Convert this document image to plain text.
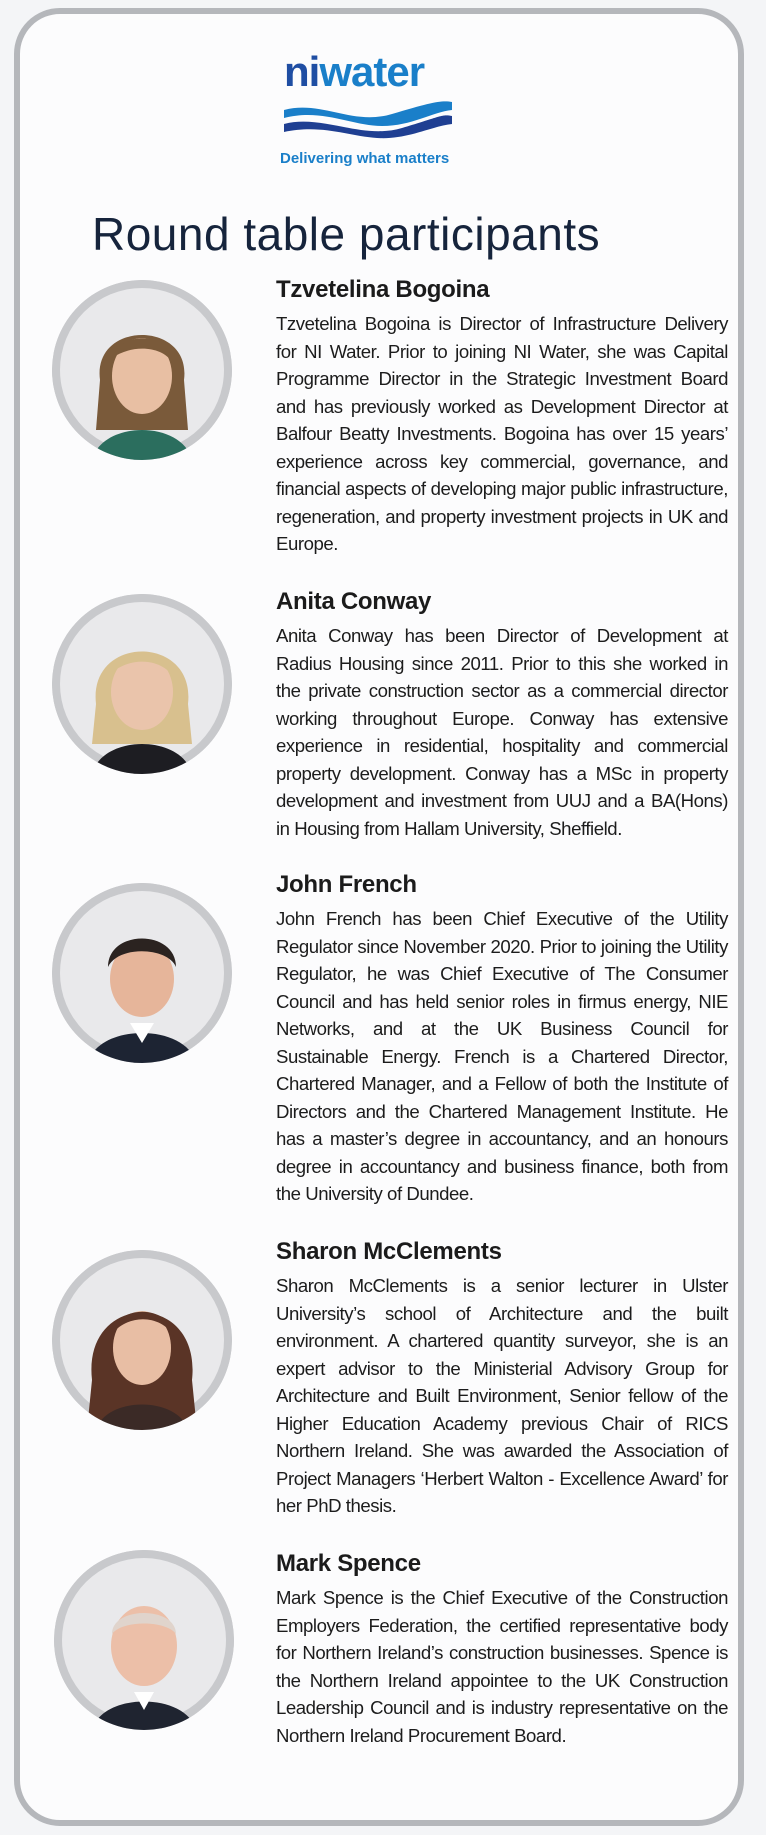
niwater
Delivering what matters
Round table participants
Tzvetelina Bogoina

Tzvetelina Bogoina is Director of Infrastructure Delivery for NI Water. Prior to joining NI Water, she was Capital Programme Director in the Strategic Investment Board and has previously worked as Development Director at Balfour Beatty Investments. Bogoina has over 15 years’ experience across key commercial, governance, and financial aspects of developing major public infrastructure, regeneration, and property investment projects in UK and Europe.

Anita Conway

Anita Conway has been Director of Development at Radius Housing since 2011. Prior to this she worked in the private construction sector as a commercial director working throughout Europe. Conway has extensive experience in residential, hospitality and commercial property development. Conway has a MSc in property development and investment from UUJ and a BA(Hons) in Housing from Hallam University, Sheffield.

John French

John French has been Chief Executive of the Utility Regulator since November 2020. Prior to joining the Utility Regulator, he was Chief Executive of The Consumer Council and has held senior roles in firmus energy, NIE Networks, and at the UK Business Council for Sustainable Energy. French is a Chartered Director, Chartered Manager, and a Fellow of both the Institute of Directors and the Chartered Management Institute. He has a master’s degree in accountancy, and an honours degree in accountancy and business finance, both from the University of Dundee.

Sharon McClements

Sharon McClements is a senior lecturer in Ulster University’s school of Architecture and the built environment. A chartered quantity surveyor, she is an expert advisor to the Ministerial Advisory Group for Architecture and Built Environment, Senior fellow of the Higher Education Academy previous Chair of RICS Northern Ireland. She was awarded the Association of Project Managers ‘Herbert Walton - Excellence Award’ for her PhD thesis.

Mark Spence

Mark Spence is the Chief Executive of the Construction Employers Federation, the certified representative body for Northern Ireland’s construction businesses. Spence is the Northern Ireland appointee to the UK Construction Leadership Council and is industry representative on the Northern Ireland Procurement Board.
